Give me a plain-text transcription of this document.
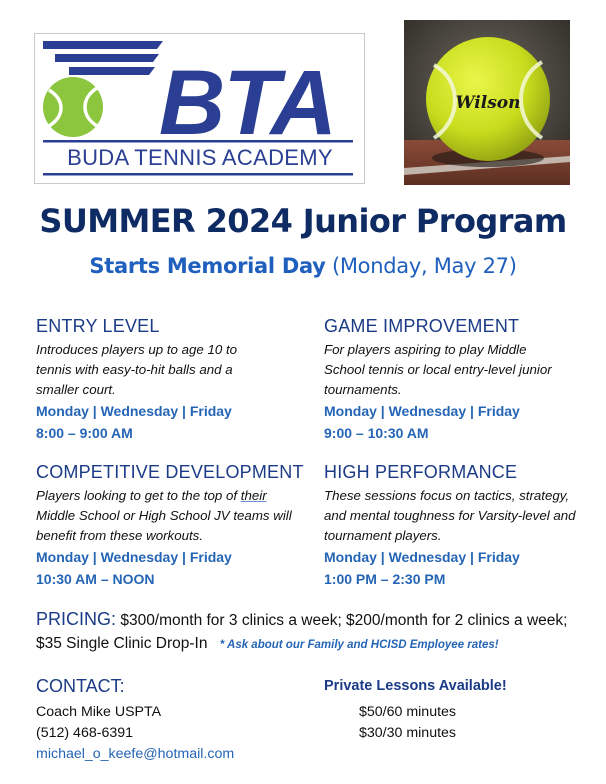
BTA
BUDA TENNIS ACADEMY
Wilson
SUMMER 2024 Junior Program
Starts Memorial Day (Monday, May 27)
ENTRY LEVEL
Introduces players up to age 10 to tennis with easy-to-hit balls and a smaller court.
Monday | Wednesday | Friday
8:00 – 9:00 AM
GAME IMPROVEMENT
For players aspiring to play Middle School tennis or local entry-level junior tournaments.
Monday | Wednesday | Friday
9:00 – 10:30 AM
COMPETITIVE DEVELOPMENT
Players looking to get to the top of their Middle School or High School JV teams will benefit from these workouts.
Monday | Wednesday | Friday
10:30 AM – NOON
HIGH PERFORMANCE
These sessions focus on tactics, strategy, and mental toughness for Varsity-level and tournament players.
Monday | Wednesday | Friday
1:00 PM – 2:30 PM
PRICING: $300/month for 3 clinics a week; $200/month for 2 clinics a week; $35 Single Clinic Drop-In * Ask about our Family and HCISD Employee rates!
CONTACT:
Coach Mike USPTA
(512) 468-6391
michael_o_keefe@hotmail.com
Private Lessons Available!
$50/60 minutes
$30/30 minutes
